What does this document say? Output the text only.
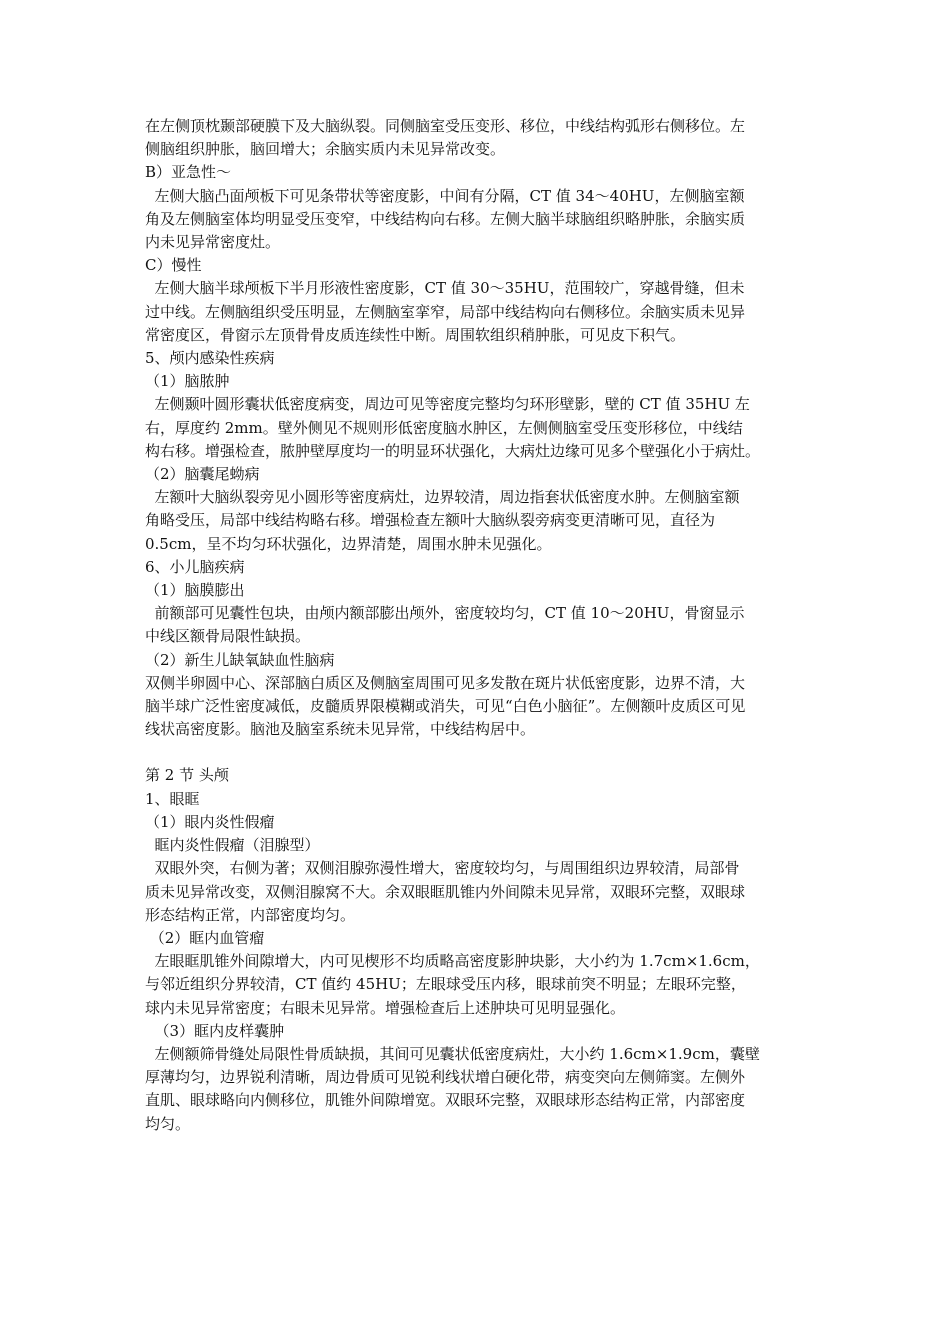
在左侧顶枕颞部硬膜下及大脑纵裂。同侧脑室受压变形、移位，中线结构弧形右侧移位。左
侧脑组织肿胀，脑回增大；余脑实质内未见异常改变。
B）亚急性～
左侧大脑凸面颅板下可见条带状等密度影，中间有分隔，CT 值 34～40HU，左侧脑室额
角及左侧脑室体均明显受压变窄，中线结构向右移。左侧大脑半球脑组织略肿胀，余脑实质
内未见异常密度灶。
C）慢性
左侧大脑半球颅板下半月形液性密度影，CT 值 30～35HU，范围较广，穿越骨缝，但未
过中线。左侧脑组织受压明显，左侧脑室挛窄，局部中线结构向右侧移位。余脑实质未见异
常密度区，骨窗示左顶骨骨皮质连续性中断。周围软组织稍肿胀，可见皮下积气。
5、颅内感染性疾病
（1）脑脓肿
左侧颞叶圆形囊状低密度病变，周边可见等密度完整均匀环形壁影，壁的 CT 值 35HU 左
右，厚度约 2mm。壁外侧见不规则形低密度脑水肿区，左侧侧脑室受压变形移位，中线结
构右移。增强检查，脓肿壁厚度均一的明显环状强化，大病灶边缘可见多个壁强化小于病灶。
（2）脑囊尾蚴病
左额叶大脑纵裂旁见小圆形等密度病灶，边界较清，周边指套状低密度水肿。左侧脑室额
角略受压，局部中线结构略右移。增强检查左额叶大脑纵裂旁病变更清晰可见，直径为
0.5cm，呈不均匀环状强化，边界清楚，周围水肿未见强化。
6、小儿脑疾病
（1）脑膜膨出
前额部可见囊性包块，由颅内额部膨出颅外，密度较均匀，CT 值 10～20HU，骨窗显示
中线区额骨局限性缺损。
（2）新生儿缺氧缺血性脑病
双侧半卵圆中心、深部脑白质区及侧脑室周围可见多发散在斑片状低密度影，边界不清，大
脑半球广泛性密度减低，皮髓质界限模糊或消失，可见“白色小脑征”。左侧额叶皮质区可见
线状高密度影。脑池及脑室系统未见异常，中线结构居中。
第 2 节 头颅
1、眼眶
（1）眼内炎性假瘤
眶内炎性假瘤（泪腺型）
双眼外突，右侧为著；双侧泪腺弥漫性增大，密度较均匀，与周围组织边界较清，局部骨
质未见异常改变，双侧泪腺窝不大。余双眼眶肌锥内外间隙未见异常，双眼环完整，双眼球
形态结构正常，内部密度均匀。
（2）眶内血管瘤
左眼眶肌锥外间隙增大，内可见楔形不均质略高密度影肿块影，大小约为 1.7cm×1.6cm，
与邻近组织分界较清，CT 值约 45HU；左眼球受压内移，眼球前突不明显；左眼环完整，
球内未见异常密度；右眼未见异常。增强检查后上述肿块可见明显强化。
（3）眶内皮样囊肿
左侧额筛骨缝处局限性骨质缺损，其间可见囊状低密度病灶，大小约 1.6cm×1.9cm，囊壁
厚薄均匀，边界锐利清晰，周边骨质可见锐利线状增白硬化带，病变突向左侧筛窦。左侧外
直肌、眼球略向内侧移位，肌锥外间隙增宽。双眼环完整，双眼球形态结构正常，内部密度
均匀。
